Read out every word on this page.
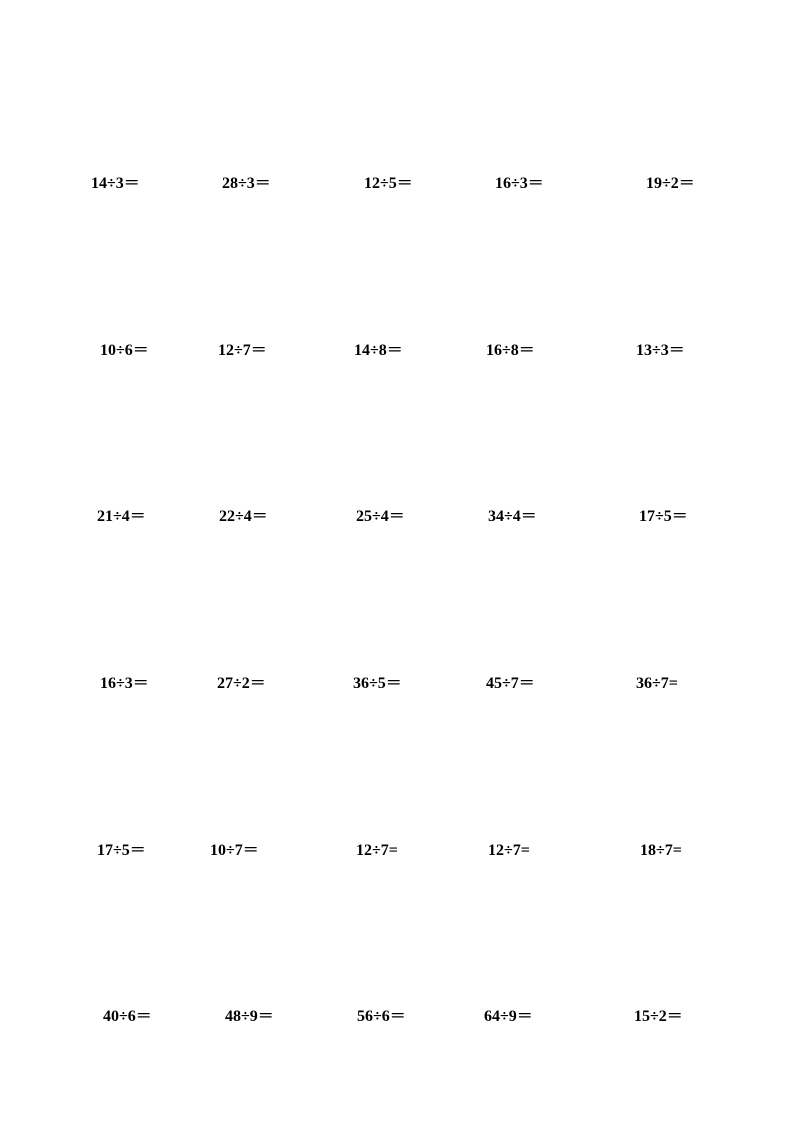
14÷3＝	28÷3＝	12÷5＝	16÷3＝	19÷2＝
10÷6＝	12÷7＝	14÷8＝	16÷8＝	13÷3＝
21÷4＝	22÷4＝	25÷4＝	34÷4＝	17÷5＝
16÷3＝	27÷2＝	36÷5＝	45÷7＝	36÷7=
17÷5＝	10÷7＝	12÷7=	12÷7=	18÷7=
40÷6＝	48÷9＝	56÷6＝	64÷9＝	15÷2＝
